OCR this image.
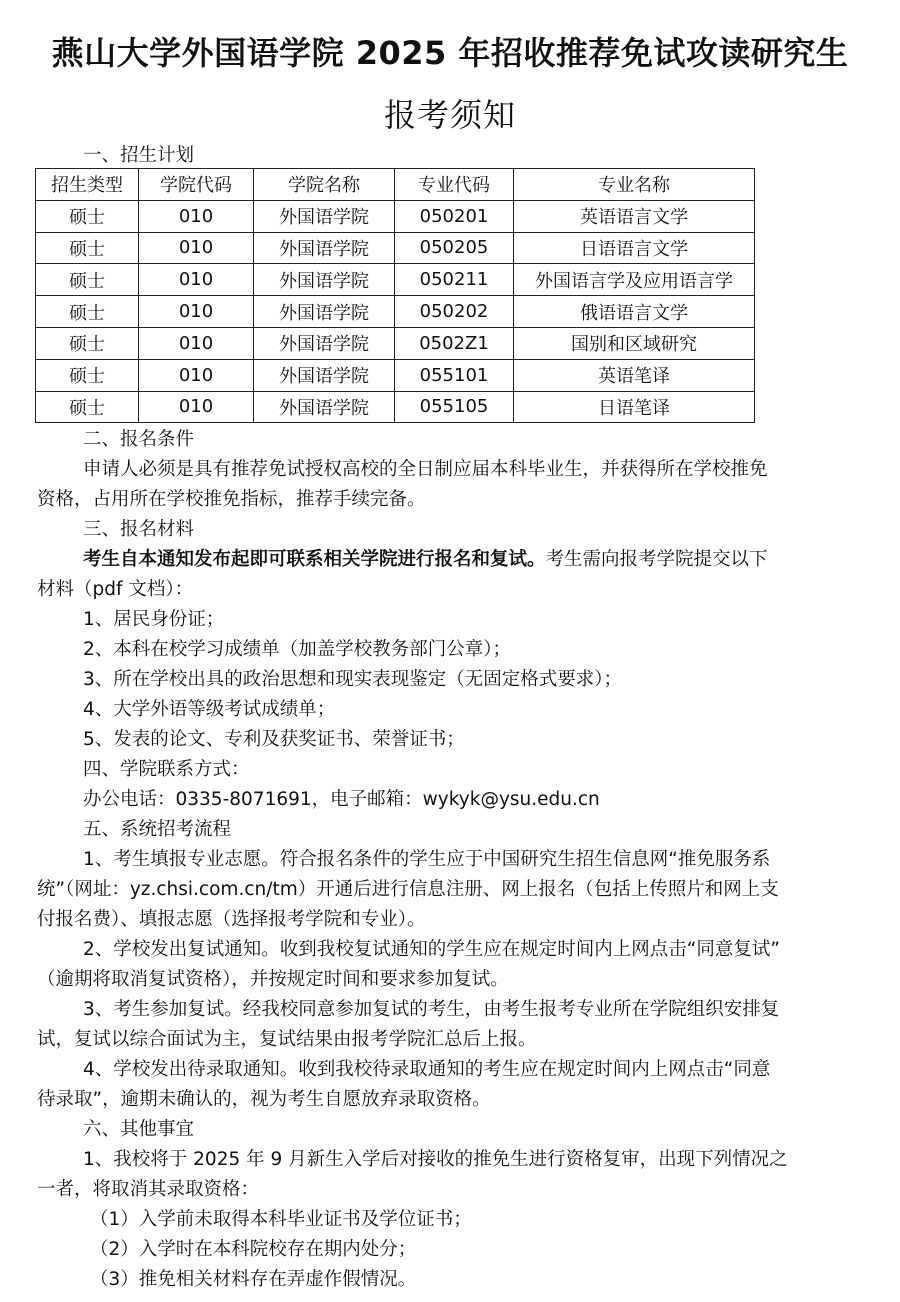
燕山大学外国语学院 2025 年招收推荐免试攻读研究生
报考须知
一、招生计划
招生类型	学院代码	学院名称	专业代码	专业名称
硕士	010	外国语学院	050201	英语语言文学
硕士	010	外国语学院	050205	日语语言文学
硕士	010	外国语学院	050211	外国语言学及应用语言学
硕士	010	外国语学院	050202	俄语语言文学
硕士	010	外国语学院	0502Z1	国别和区域研究
硕士	010	外国语学院	055101	英语笔译
硕士	010	外国语学院	055105	日语笔译
二、报名条件
申请人必须是具有推荐免试授权高校的全日制应届本科毕业生，并获得所在学校推免
资格，占用所在学校推免指标，推荐手续完备。
三、报名材料
考生自本通知发布起即可联系相关学院进行报名和复试。考生需向报考学院提交以下
材料（pdf 文档）：
1、居民身份证；
2、本科在校学习成绩单（加盖学校教务部门公章）；
3、所在学校出具的政治思想和现实表现鉴定（无固定格式要求）；
4、大学外语等级考试成绩单；
5、发表的论文、专利及获奖证书、荣誉证书；
四、学院联系方式：
办公电话：0335-8071691，电子邮箱：wykyk@ysu.edu.cn
五、系统招考流程
1、考生填报专业志愿。符合报名条件的学生应于中国研究生招生信息网“推免服务系
统”（网址：yz.chsi.com.cn/tm）开通后进行信息注册、网上报名（包括上传照片和网上支
付报名费）、填报志愿（选择报考学院和专业）。
2、学校发出复试通知。收到我校复试通知的学生应在规定时间内上网点击“同意复试”
（逾期将取消复试资格），并按规定时间和要求参加复试。
3、考生参加复试。经我校同意参加复试的考生，由考生报考专业所在学院组织安排复
试，复试以综合面试为主，复试结果由报考学院汇总后上报。
4、学校发出待录取通知。收到我校待录取通知的考生应在规定时间内上网点击“同意
待录取”，逾期未确认的，视为考生自愿放弃录取资格。
六、其他事宜
1、我校将于 2025 年 9 月新生入学后对接收的推免生进行资格复审，出现下列情况之
一者，将取消其录取资格：
（1）入学前未取得本科毕业证书及学位证书；
（2）入学时在本科院校存在期内处分；
（3）推免相关材料存在弄虚作假情况。
